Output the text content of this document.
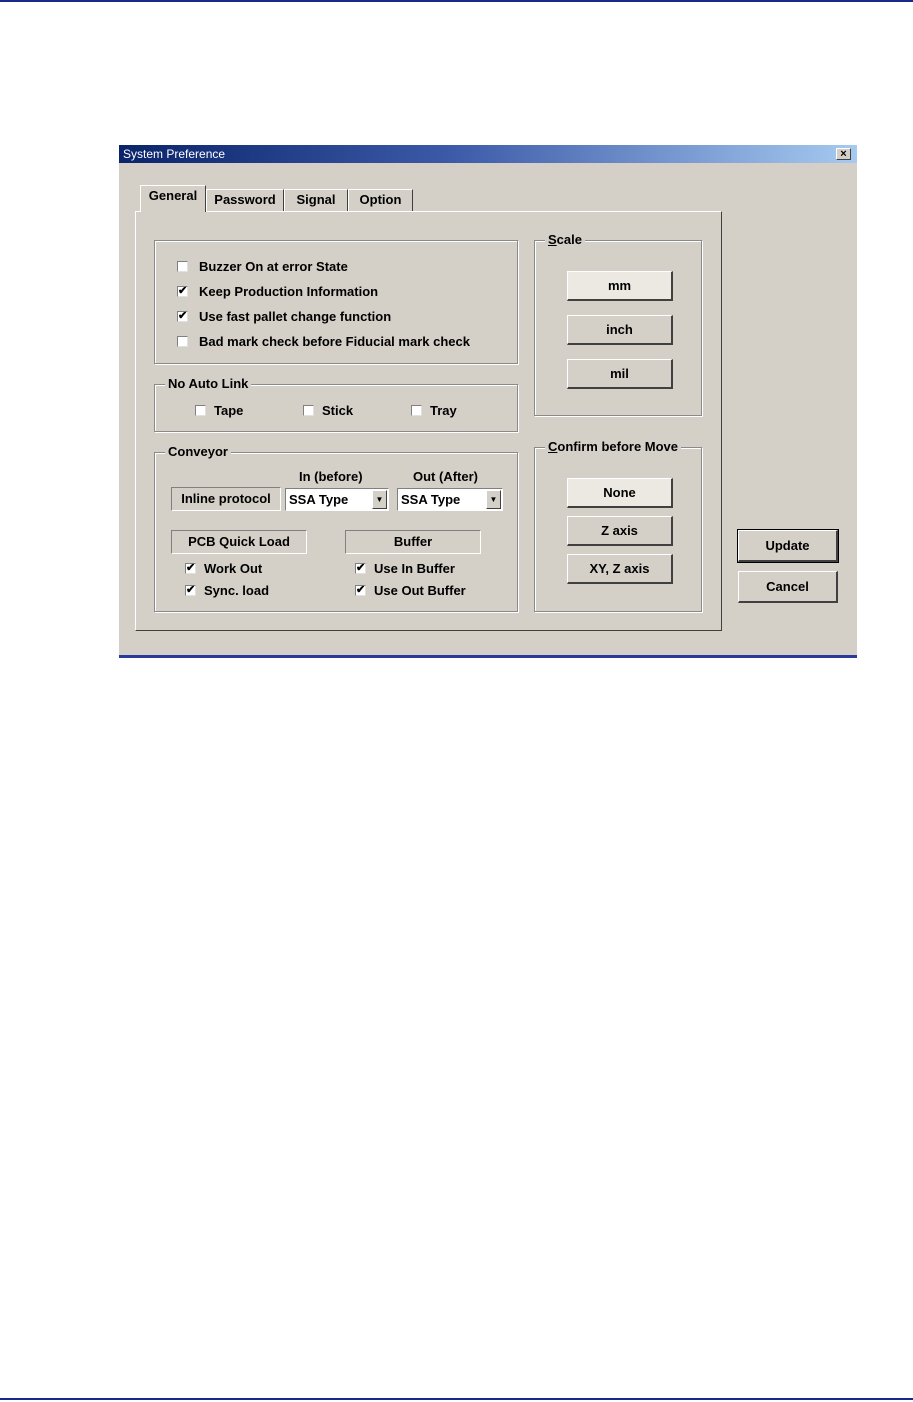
System Preference	×
General	Password	Signal	Option
Buzzer On at error State
✔ Keep Production Information
✔ Use fast pallet change function
Bad mark check before Fiducial mark check
No Auto Link
Tape	Stick	Tray
Conveyor
In (before)	Out (After)
Inline protocol	SSA Type	▼	SSA Type	▼
PCB Quick Load	Buffer
✔ Work Out
✔ Sync. load
✔ Use In Buffer
✔ Use Out Buffer
Scale
mm
inch
mil
Confirm before Move
None
Z axis
XY, Z axis
Update
Cancel
